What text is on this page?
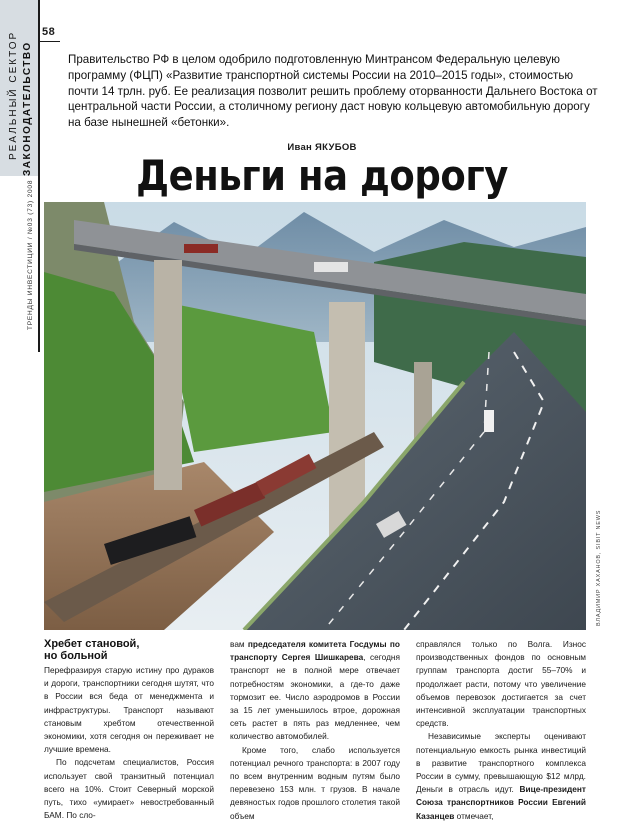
58
РЕАЛЬНЫЙ СЕКТОР ЗАКОНОДАТЕЛЬСТВО
ТРЕНДЫ ИНВЕСТИЦИИ / №03 (73) 2008
Правительство РФ в целом одобрило подготовленную Минтрансом Федеральную целевую программу (ФЦП) «Развитие транспортной системы России на 2010–2015 годы», стоимостью почти 14 трлн. руб. Ее реализация позволит решить проблему оторванности Дальнего Востока от центральной части России, а столичному региону даст новую кольцевую автомобильную дорогу на базе нынешней «бетонки».
Иван ЯКУБОВ
Деньги на дорогу
ВЛАДИМИР ХАХАНОВ, SIBIT NEWS
Хребет становой,
но больной

Перефразируя старую истину про дураков и дороги, транспортники сегодня шутят, что в России вся беда от менеджмента и инфраструктуры. Транспорт называют становым хребтом отечественной экономики, хотя сегодня он переживает не лучшие времена.

По подсчетам специалистов, Россия использует свой транзитный потенциал всего на 10%. Стоит Северный морской путь, тихо «умирает» невостребованный БАМ. По сло-

вам председателя комитета Госдумы по транспорту Сергея Шишкарева, сегодня транспорт не в полной мере отвечает потребностям экономики, а где-то даже тормозит ее. Число аэродромов в России за 15 лет уменьшилось втрое, дорожная сеть растет в пять раз медленнее, чем количество автомобилей.

Кроме того, слабо используется потенциал речного транспорта: в 2007 году по всем внутренним водным путям было перевезено 153 млн. т грузов. В начале девяностых годов прошлого столетия такой объем

справлялся только по Волга. Износ производственных фондов по основным группам транспорта достиг 55–70% и продолжает расти, потому что увеличение объемов перевозок достигается за счет интенсивной эксплуатации транспортных средств.

Независимые эксперты оценивают потенциальную емкость рынка инвестиций в развитие транспортного комплекса России в сумму, превышающую $12 млрд. Деньги в отрасль идут. Вице-президент Союза транспортников России Евгений Казанцев отмечает,
